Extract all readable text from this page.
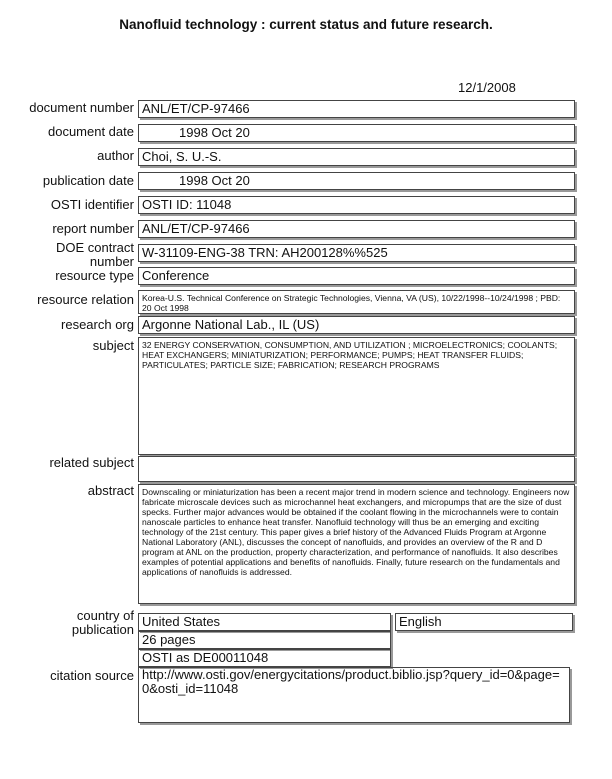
Nanofluid technology : current status and future research.
12/1/2008
document number ANL/ET/CP-97466
document date	1998 Oct 20
author Choi, S. U.-S.
publication date	1998 Oct 20
OSTI identifier OSTI ID: 11048
report number ANL/ET/CP-97466
DOE contract
number
W-31109-ENG-38 TRN: AH200128%%525
resource type Conference
resource relation Korea-U.S. Technical Conference on Strategic Technologies, Vienna, VA (US), 10/22/1998--10/24/1998 ; PBD: 20 Oct 1998
research org Argonne National Lab., IL (US)
subject 32 ENERGY CONSERVATION, CONSUMPTION, AND UTILIZATION ; MICROELECTRONICS; COOLANTS; HEAT EXCHANGERS; MINIATURIZATION; PERFORMANCE; PUMPS; HEAT TRANSFER FLUIDS; PARTICULATES; PARTICLE SIZE; FABRICATION; RESEARCH PROGRAMS
related subject
abstract Downscaling or miniaturization has been a recent major trend in modern science and technology. Engineers now fabricate microscale devices such as microchannel heat exchangers, and micropumps that are the size of dust specks. Further major advances would be obtained if the coolant flowing in the microchannels were to contain nanoscale particles to enhance heat transfer. Nanofluid technology will thus be an emerging and exciting technology of the 21st century. This paper gives a brief history of the Advanced Fluids Program at Argonne National Laboratory (ANL), discusses the concept of nanofluids, and provides an overview of the R and D program at ANL on the production, property characterization, and performance of nanofluids. It also describes examples of potential applications and benefits of nanofluids. Finally, future research on the fundamentals and applications of nanofluids is addressed.
country of
publication
United States	English
26 pages
OSTI as DE00011048
citation source http://www.osti.gov/energycitations/product.biblio.jsp?query_id=0&page=0&osti_id=11048
